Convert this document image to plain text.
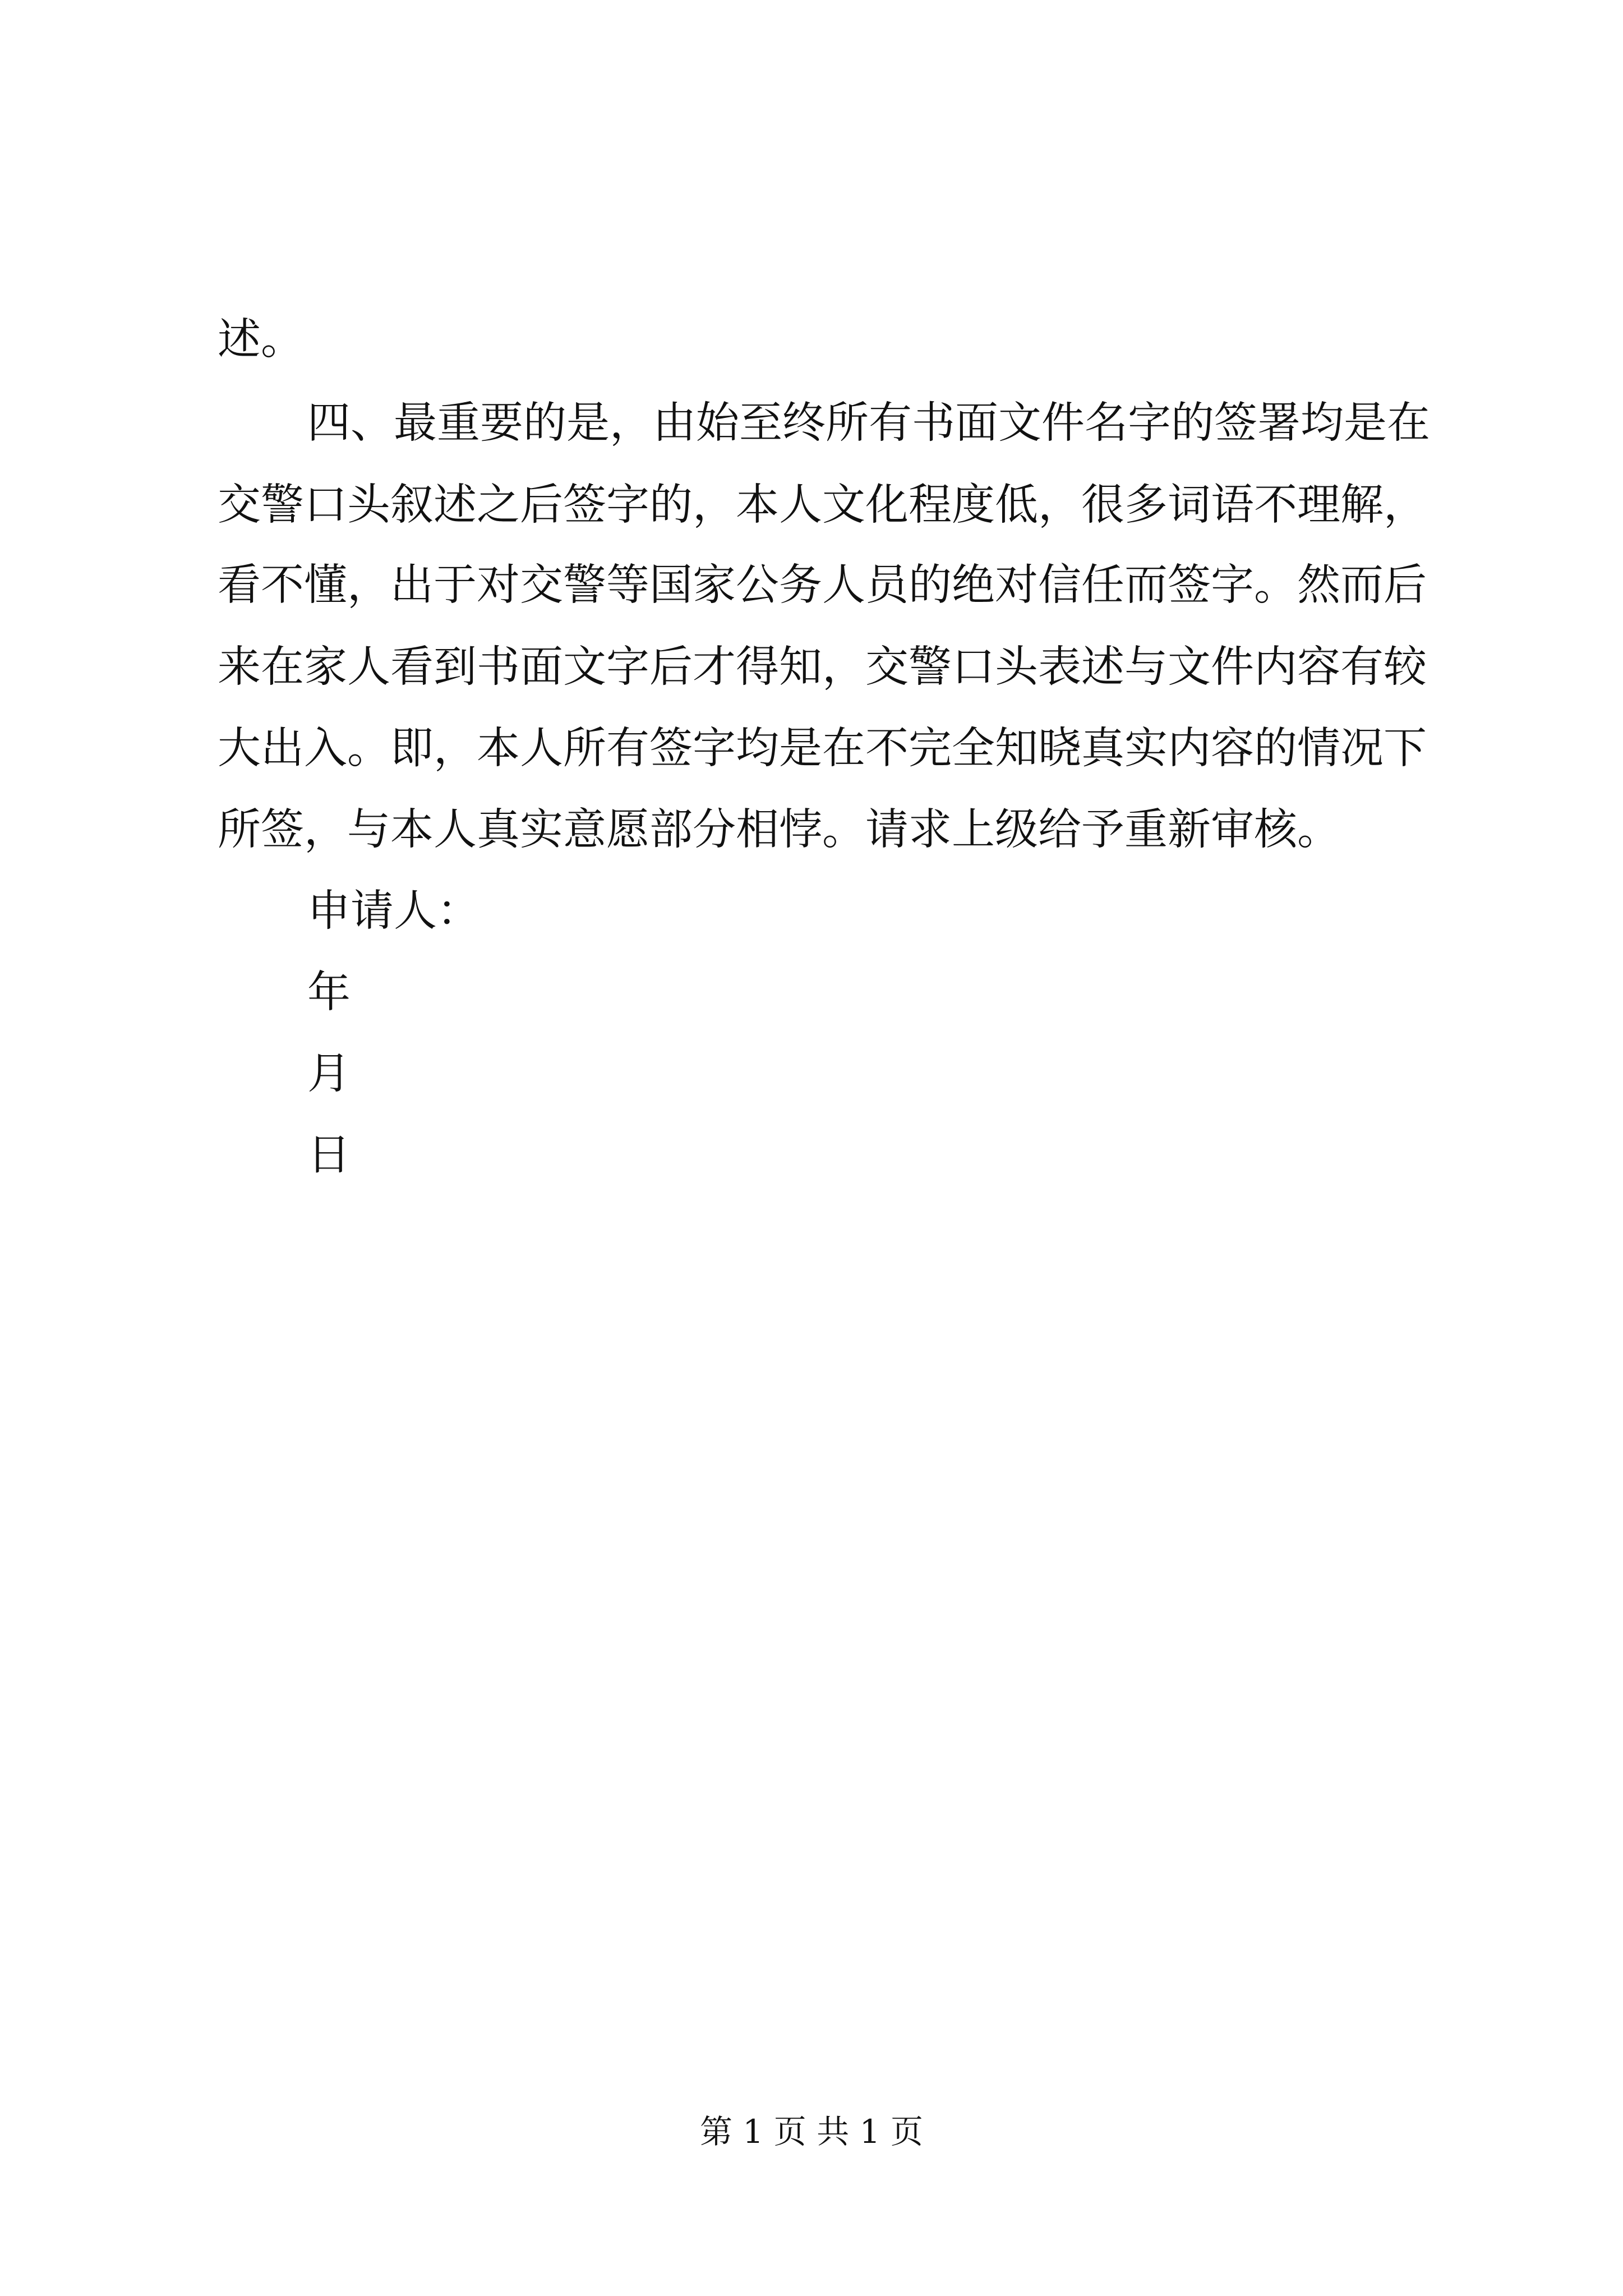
述。
四、最重要的是，由始至终所有书面文件名字的签署均是在
交警口头叙述之后签字的，本人文化程度低，很多词语不理解，
看不懂，出于对交警等国家公务人员的绝对信任而签字。然而后
来在家人看到书面文字后才得知，交警口头表述与文件内容有较
大出入。即，本人所有签字均是在不完全知晓真实内容的情况下
所签，与本人真实意愿部分相悖。请求上级给予重新审核。
申请人：
年
月
日
第 1 页 共 1 页
